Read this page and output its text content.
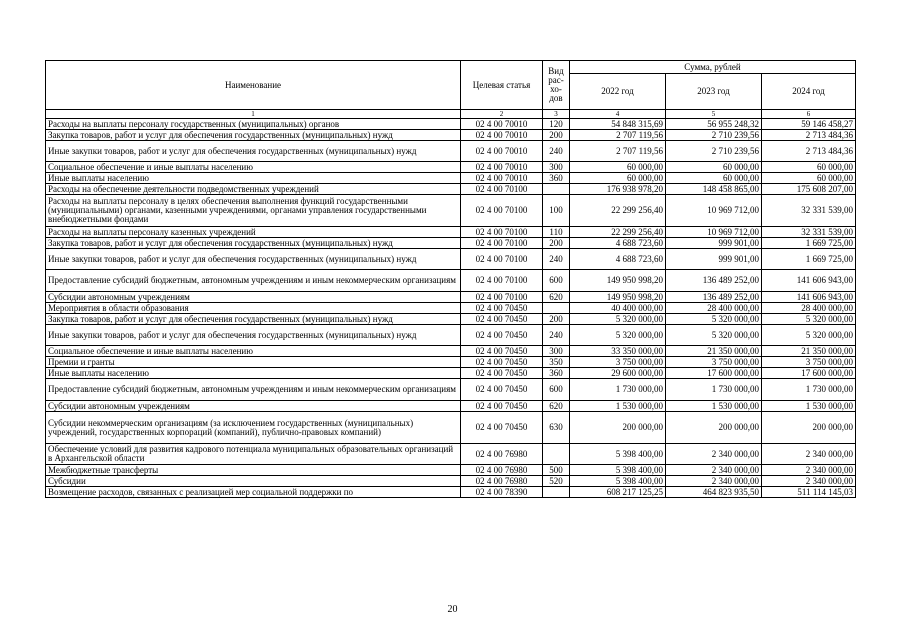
Наименование	Целевая статья	Вид рас-хо-дов	Сумма, рублей		
			2022 год	2023 год	2024 год
1	2	3	4	5	6
Расходы на выплаты персоналу государственных (муниципальных) органов	02 4 00 70010	120	54 848 315,69	56 955 248,32	59 146 458,27
Закупка товаров, работ и услуг для обеспечения государственных (муниципальных) нужд	02 4 00 70010	200	2 707 119,56	2 710 239,56	2 713 484,36
Иные закупки товаров, работ и услуг для обеспечения государственных (муниципальных) нужд	02 4 00 70010	240	2 707 119,56	2 710 239,56	2 713 484,36
Социальное обеспечение и иные выплаты населению	02 4 00 70010	300	60 000,00	60 000,00	60 000,00
Иные выплаты населению	02 4 00 70010	360	60 000,00	60 000,00	60 000,00
Расходы на обеспечение деятельности подведомственных учреждений	02 4 00 70100		176 938 978,20	148 458 865,00	175 608 207,00
Расходы на выплаты персоналу в целях обеспечения выполнения функций государственными (муниципальными) органами, казенными учреждениями, органами управления государственными внебюджетными фондами	02 4 00 70100	100	22 299 256,40	10 969 712,00	32 331 539,00
Расходы на выплаты персоналу казенных учреждений	02 4 00 70100	110	22 299 256,40	10 969 712,00	32 331 539,00
Закупка товаров, работ и услуг для обеспечения государственных (муниципальных) нужд	02 4 00 70100	200	4 688 723,60	999 901,00	1 669 725,00
Иные закупки товаров, работ и услуг для обеспечения государственных (муниципальных) нужд	02 4 00 70100	240	4 688 723,60	999 901,00	1 669 725,00
Предоставление субсидий бюджетным, автономным учреждениям и иным некоммерческим организациям	02 4 00 70100	600	149 950 998,20	136 489 252,00	141 606 943,00
Субсидии автономным учреждениям	02 4 00 70100	620	149 950 998,20	136 489 252,00	141 606 943,00
Мероприятия в области образования	02 4 00 70450		40 400 000,00	28 400 000,00	28 400 000,00
Закупка товаров, работ и услуг для обеспечения государственных (муниципальных) нужд	02 4 00 70450	200	5 320 000,00	5 320 000,00	5 320 000,00
Иные закупки товаров, работ и услуг для обеспечения государственных (муниципальных) нужд	02 4 00 70450	240	5 320 000,00	5 320 000,00	5 320 000,00
Социальное обеспечение и иные выплаты населению	02 4 00 70450	300	33 350 000,00	21 350 000,00	21 350 000,00
Премии и гранты	02 4 00 70450	350	3 750 000,00	3 750 000,00	3 750 000,00
Иные выплаты населению	02 4 00 70450	360	29 600 000,00	17 600 000,00	17 600 000,00
Предоставление субсидий бюджетным, автономным учреждениям и иным некоммерческим организациям	02 4 00 70450	600	1 730 000,00	1 730 000,00	1 730 000,00
Субсидии автономным учреждениям	02 4 00 70450	620	1 530 000,00	1 530 000,00	1 530 000,00
Субсидии некоммерческим организациям (за исключением государственных (муниципальных) учреждений, государственных корпораций (компаний), публично-правовых компаний)	02 4 00 70450	630	200 000,00	200 000,00	200 000,00
Обеспечение условий для развития кадрового потенциала муниципальных образовательных организаций в Архангельской области	02 4 00 76980		5 398 400,00	2 340 000,00	2 340 000,00
Межбюджетные трансферты	02 4 00 76980	500	5 398 400,00	2 340 000,00	2 340 000,00
Субсидии	02 4 00 76980	520	5 398 400,00	2 340 000,00	2 340 000,00
Возмещение расходов, связанных с реализацией мер социальной поддержки по	02 4 00 78390		608 217 125,25	464 823 935,50	511 114 145,03
20
